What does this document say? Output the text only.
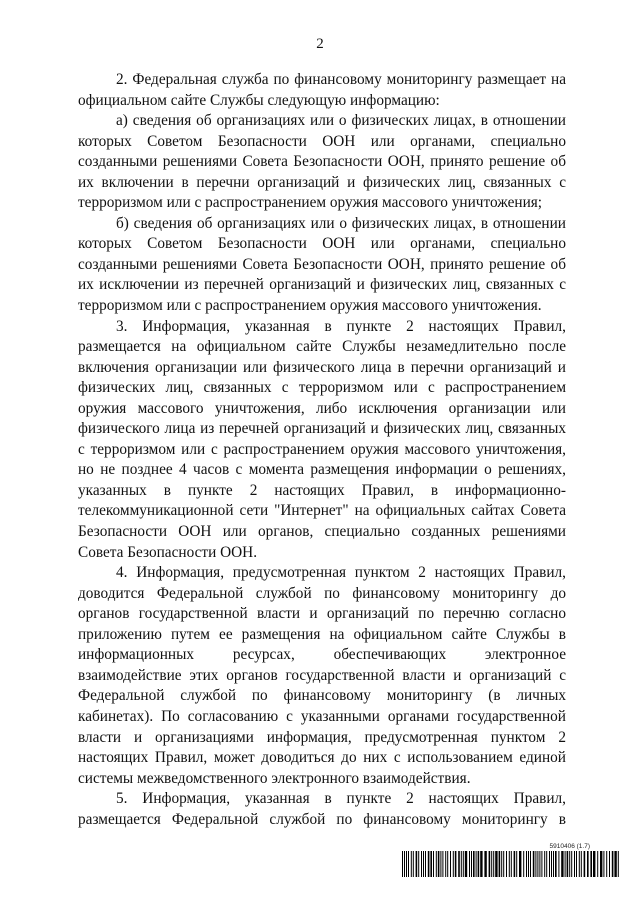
2

2. Федеральная служба по финансовому мониторингу размещает на официальном сайте Службы следующую информацию:

а) сведения об организациях или о физических лицах, в отношении которых Советом Безопасности ООН или органами, специально созданными решениями Совета Безопасности ООН, принято решение об их включении в перечни организаций и физических лиц, связанных с терроризмом или с распространением оружия массового уничтожения;

б) сведения об организациях или о физических лицах, в отношении которых Советом Безопасности ООН или органами, специально созданными решениями Совета Безопасности ООН, принято решение об их исключении из перечней организаций и физических лиц, связанных с терроризмом или с распространением оружия массового уничтожения.

3. Информация, указанная в пункте 2 настоящих Правил, размещается на официальном сайте Службы незамедлительно после включения организации или физического лица в перечни организаций и физических лиц, связанных с терроризмом или с распространением оружия массового уничтожения, либо исключения организации или физического лица из перечней организаций и физических лиц, связанных с терроризмом или с распространением оружия массового уничтожения, но не позднее 4 часов с момента размещения информации о решениях, указанных в пункте 2 настоящих Правил, в информационно-телекоммуникационной сети "Интернет" на официальных сайтах Совета Безопасности ООН или органов, специально созданных решениями Совета Безопасности ООН.

4. Информация, предусмотренная пунктом 2 настоящих Правил, доводится Федеральной службой по финансовому мониторингу до органов государственной власти и организаций по перечню согласно приложению путем ее размещения на официальном сайте Службы в информационных ресурсах, обеспечивающих электронное взаимодействие этих органов государственной власти и организаций с Федеральной службой по финансовому мониторингу (в личных кабинетах). По согласованию с указанными органами государственной власти и организациями информация, предусмотренная пунктом 2 настоящих Правил, может доводиться до них с использованием единой системы межведомственного электронного взаимодействия.

5. Информация, указанная в пункте 2 настоящих Правил, размещается Федеральной службой по финансовому мониторингу в

5910406 (1.7)
